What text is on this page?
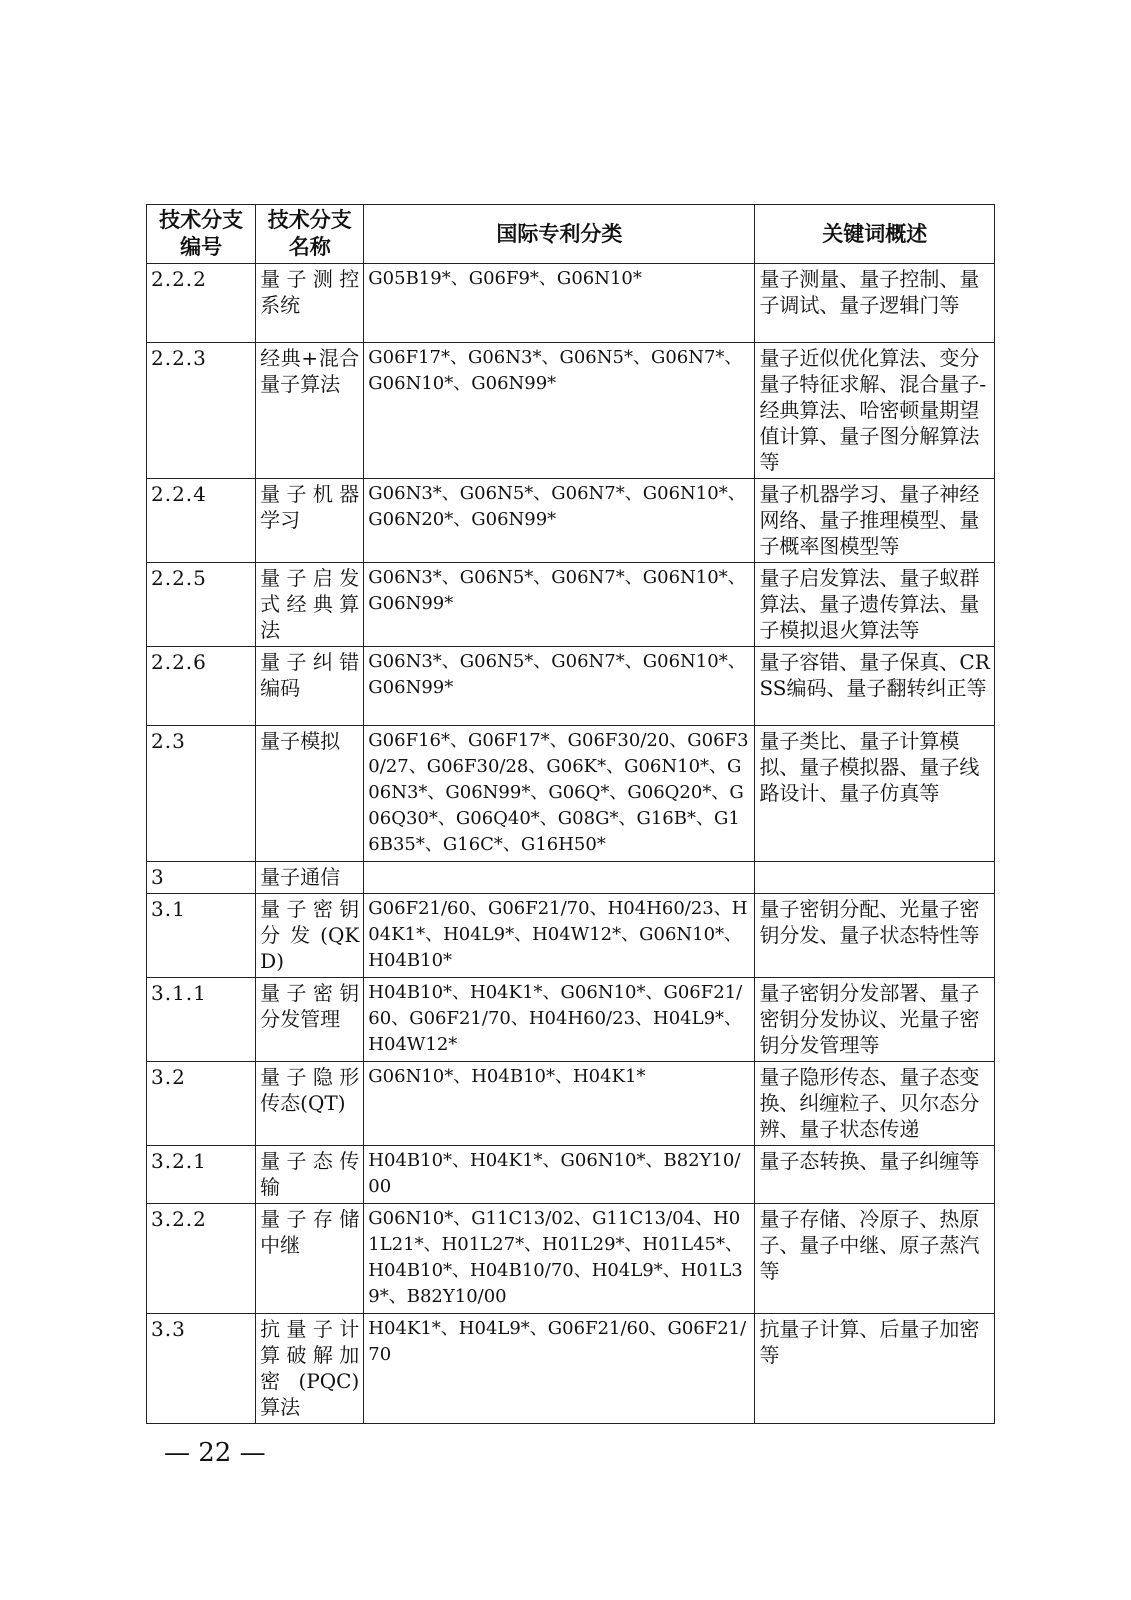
技术分支编号	技术分支名称	国际专利分类	关键词概述
2.2.2	量子测控系统	G05B19*、G06F9*、G06N10*	量子测量、量子控制、量子调试、量子逻辑门等
2.2.3	经典+混合量子算法	G06F17*、G06N3*、G06N5*、G06N7*、G06N10*、G06N99*	量子近似优化算法、变分量子特征求解、混合量子-经典算法、哈密顿量期望值计算、量子图分解算法等
2.2.4	量子机器学习	G06N3*、G06N5*、G06N7*、G06N10*、G06N20*、G06N99*	量子机器学习、量子神经网络、量子推理模型、量子概率图模型等
2.2.5	量子启发式经典算法	G06N3*、G06N5*、G06N7*、G06N10*、G06N99*	量子启发算法、量子蚁群算法、量子遗传算法、量子模拟退火算法等
2.2.6	量子纠错编码	G06N3*、G06N5*、G06N7*、G06N10*、G06N99*	量子容错、量子保真、CRSS编码、量子翻转纠正等
2.3	量子模拟	G06F16*、G06F17*、G06F30/20、G06F30/27、G06F30/28、G06K*、G06N10*、G06N3*、G06N99*、G06Q*、G06Q20*、G06Q30*、G06Q40*、G08G*、G16B*、G16B35*、G16C*、G16H50*	量子类比、量子计算模拟、量子模拟器、量子线路设计、量子仿真等
3	量子通信		
3.1	量子密钥分发(QKD)	G06F21/60、G06F21/70、H04H60/23、H04K1*、H04L9*、H04W12*、G06N10*、H04B10*	量子密钥分配、光量子密钥分发、量子状态特性等
3.1.1	量子密钥分发管理	H04B10*、H04K1*、G06N10*、G06F21/60、G06F21/70、H04H60/23、H04L9*、H04W12*	量子密钥分发部署、量子密钥分发协议、光量子密钥分发管理等
3.2	量子隐形传态(QT)	G06N10*、H04B10*、H04K1*	量子隐形传态、量子态变换、纠缠粒子、贝尔态分辨、量子状态传递
3.2.1	量子态传输	H04B10*、H04K1*、G06N10*、B82Y10/00	量子态转换、量子纠缠等
3.2.2	量子存储中继	G06N10*、G11C13/02、G11C13/04、H01L21*、H01L27*、H01L29*、H01L45*、H04B10*、H04B10/70、H04L9*、H01L39*、B82Y10/00	量子存储、冷原子、热原子、量子中继、原子蒸汽等
3.3	抗量子计算破解加密(PQC)算法	H04K1*、H04L9*、G06F21/60、G06F21/70	抗量子计算、后量子加密等
— 22 —
